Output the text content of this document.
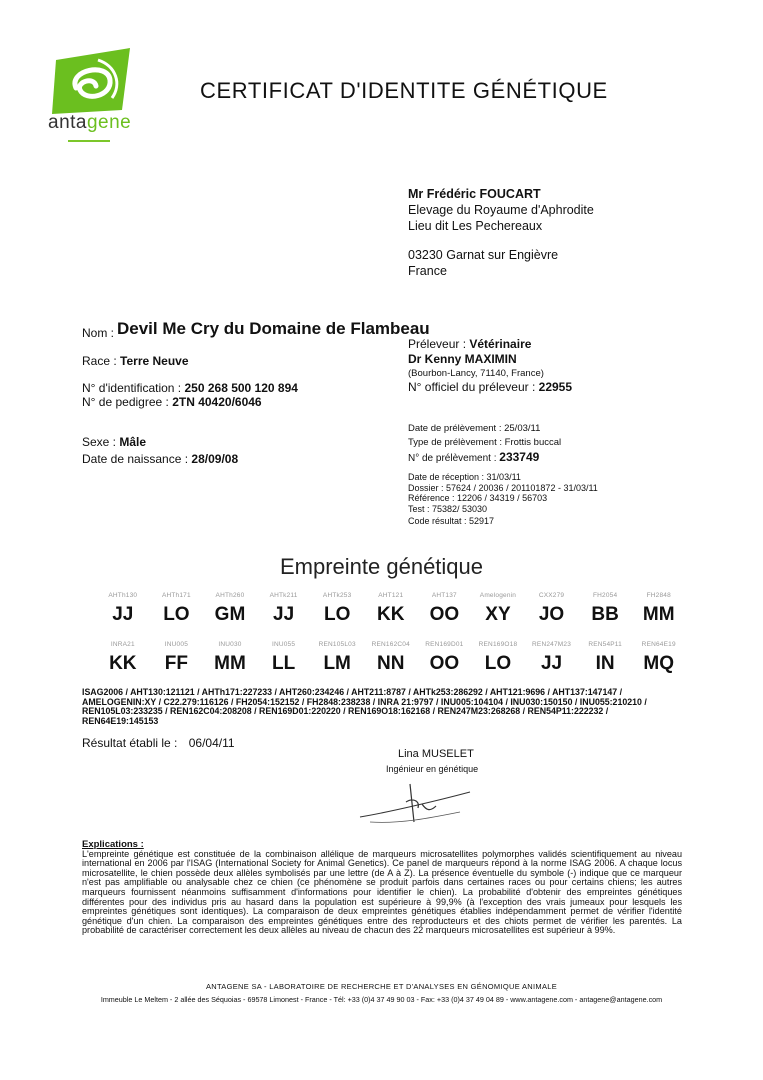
antagene
CERTIFICAT D'IDENTITE GÉNÉTIQUE
Mr Frédéric FOUCART
Elevage du Royaume d'Aphrodite
Lieu dit Les Pechereaux
03230 Garnat sur Engièvre
France
Nom : Devil Me Cry du Domaine de Flambeau
Race : Terre Neuve
N° d'identification : 250 268 500 120 894
N° de pedigree : 2TN 40420/6046
Sexe : Mâle
Date de naissance : 28/09/08
Préleveur : Vétérinaire
Dr Kenny MAXIMIN
(Bourbon-Lancy, 71140, France)
N° officiel du préleveur : 22955
Date de prélèvement : 25/03/11
Type de prélèvement : Frottis buccal
N° de prélèvement : 233749
Date de réception : 31/03/11
Dossier : 57624 / 20036 / 201101872 - 31/03/11
Référence : 12206 / 34319 / 56703
Test : 75382/ 53030
Code résultat : 52917
Empreinte génétique
AHTh130
JJ
AHTh171
LO
AHTh260
GM
AHTk211
JJ
AHTk253
LO
AHT121
KK
AHT137
OO
Amelogenin
XY
CXX279
JO
FH2054
BB
FH2848
MM
INRA21
KK
INU005
FF
INU030
MM
INU055
LL
REN105L03
LM
REN162C04
NN
REN169D01
OO
REN169O18
LO
REN247M23
JJ
REN54P11
IN
REN64E19
MQ
ISAG2006 / AHT130:121121 / AHTh171:227233 / AHT260:234246 / AHT211:8787 / AHTk253:286292 / AHT121:9696 / AHT137:147147 / AMELOGENIN:XY / C22.279:116126 / FH2054:152152 / FH2848:238238 / INRA 21:9797 / INU005:104104 / INU030:150150 / INU055:210210 / REN105L03:233235 / REN162C04:208208 / REN169D01:220220 / REN169O18:162168 / REN247M23:268268 / REN54P11:222232 / REN64E19:145153
Résultat établi le : 06/04/11
Lina MUSELET
Ingénieur en génétique
Explications :
L'empreinte génétique est constituée de la combinaison allélique de marqueurs microsatellites polymorphes validés scientifiquement au niveau international en 2006 par l'ISAG (International Society for Animal Genetics). Ce panel de marqueurs répond à la norme ISAG 2006. A chaque locus microsatellite, le chien possède deux allèles symbolisés par une lettre (de A à Z). La présence éventuelle du symbole (-) indique que ce marqueur n'est pas amplifiable ou analysable chez ce chien (ce phénomène se produit parfois dans certaines races ou pour certains chiens; les autres marqueurs fournissent néanmoins suffisamment d'informations pour identifier le chien). La probabilité d'obtenir des empreintes génétiques différentes pour des individus pris au hasard dans la population est supérieure à 99,9% (à l'exception des vrais jumeaux pour lesquels les empreintes génétiques sont identiques). La comparaison de deux empreintes génétiques établies indépendamment permet de vérifier l'identité génétique d'un chien. La comparaison des empreintes génétiques entre des reproducteurs et des chiots permet de vérifier les parentés. La probabilité de caractériser correctement les deux allèles au niveau de chacun des 22 marqueurs microsatellites est supérieur à 99%.
ANTAGENE SA - LABORATOIRE DE RECHERCHE ET D'ANALYSES EN GÉNOMIQUE ANIMALE
Immeuble Le Meltem - 2 allée des Séquoias - 69578 Limonest - France - Tél: +33 (0)4 37 49 90 03 - Fax: +33 (0)4 37 49 04 89 - www.antagene.com - antagene@antagene.com
